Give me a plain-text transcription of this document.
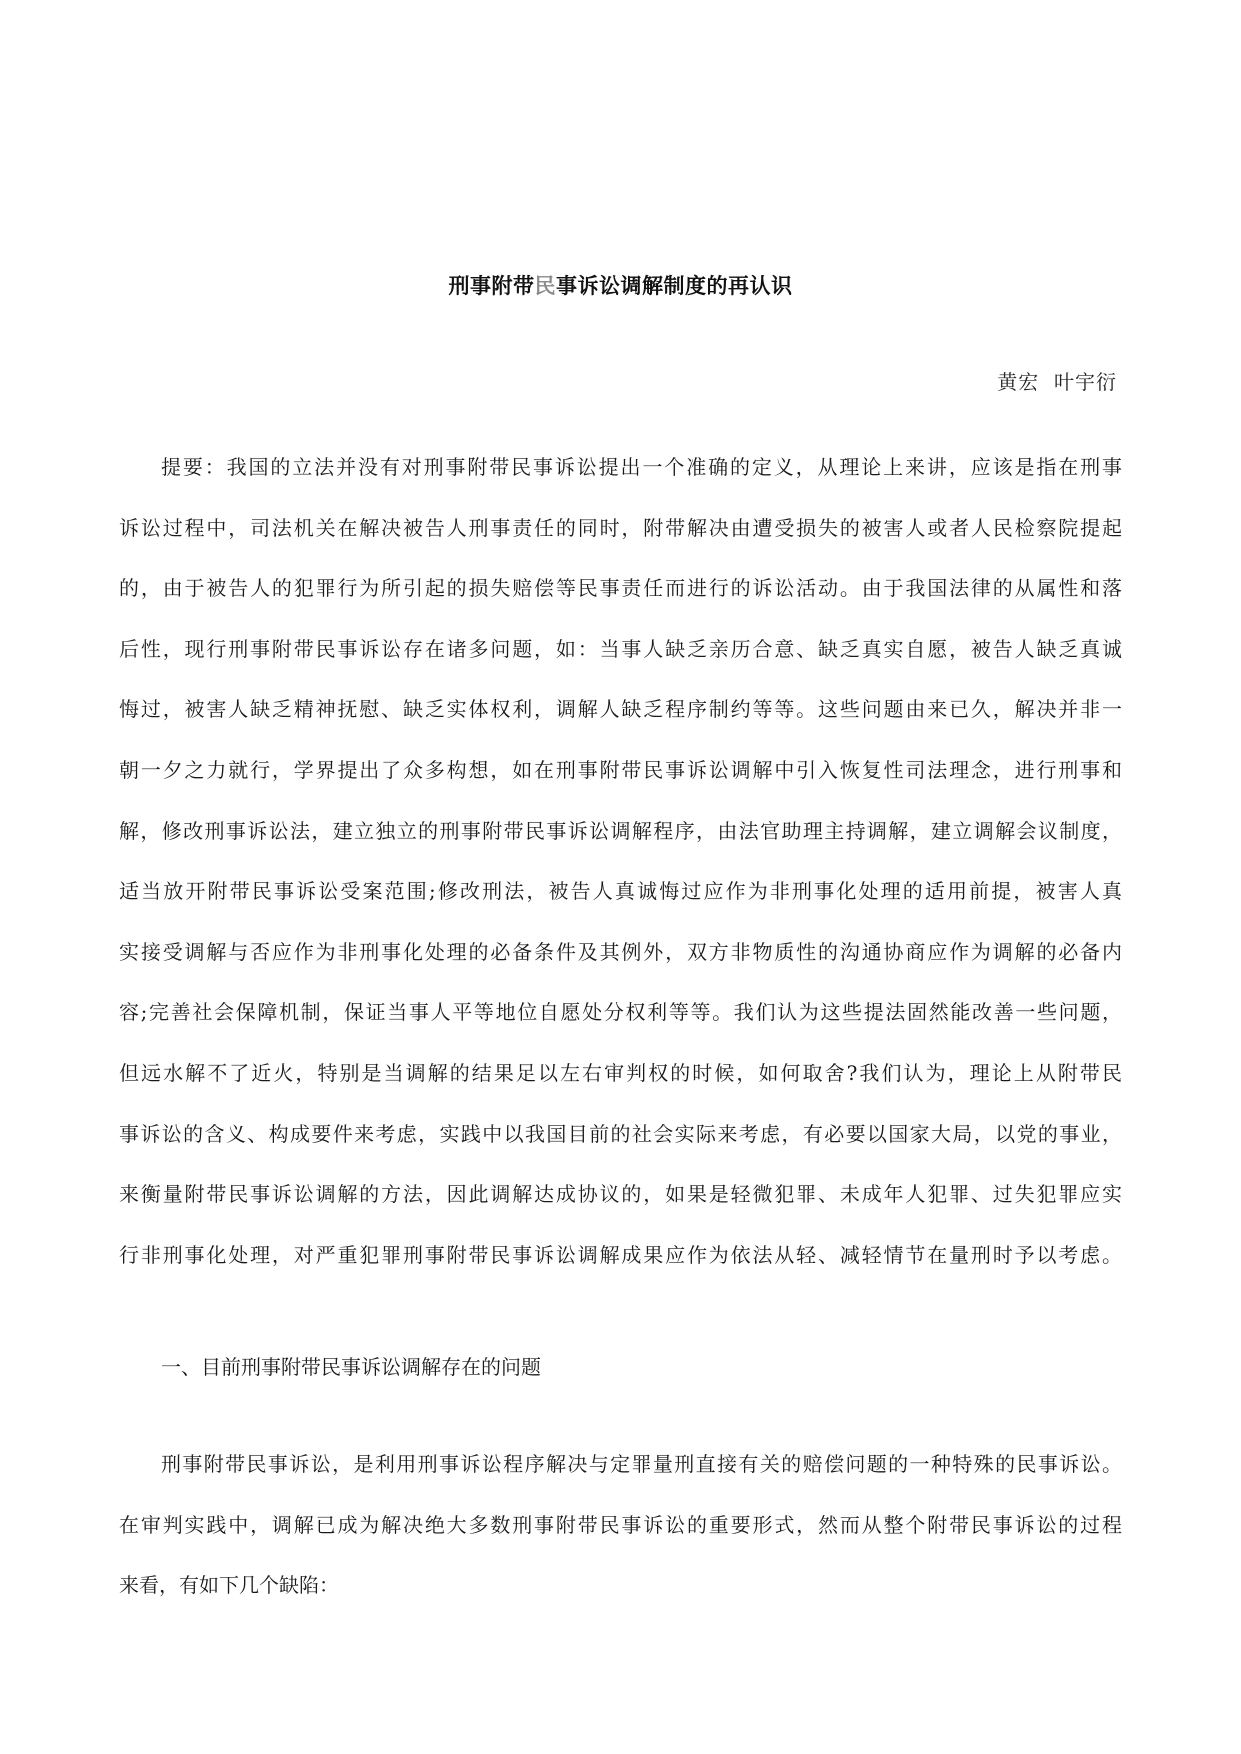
刑事附带民事诉讼调解制度的再认识
黄宏  叶宇衍
提要：我国的立法并没有对刑事附带民事诉讼提出一个准确的定义，从理论上来讲，应该是指在刑事
诉讼过程中，司法机关在解决被告人刑事责任的同时，附带解决由遭受损失的被害人或者人民检察院提起
的，由于被告人的犯罪行为所引起的损失赔偿等民事责任而进行的诉讼活动。由于我国法律的从属性和落
后性，现行刑事附带民事诉讼存在诸多问题，如：当事人缺乏亲历合意、缺乏真实自愿，被告人缺乏真诚
悔过，被害人缺乏精神抚慰、缺乏实体权利，调解人缺乏程序制约等等。这些问题由来已久，解决并非一
朝一夕之力就行，学界提出了众多构想，如在刑事附带民事诉讼调解中引入恢复性司法理念，进行刑事和
解，修改刑事诉讼法，建立独立的刑事附带民事诉讼调解程序，由法官助理主持调解，建立调解会议制度，
适当放开附带民事诉讼受案范围;修改刑法，被告人真诚悔过应作为非刑事化处理的适用前提，被害人真
实接受调解与否应作为非刑事化处理的必备条件及其例外，双方非物质性的沟通协商应作为调解的必备内
容;完善社会保障机制，保证当事人平等地位自愿处分权利等等。我们认为这些提法固然能改善一些问题，
但远水解不了近火，特别是当调解的结果足以左右审判权的时候，如何取舍?我们认为，理论上从附带民
事诉讼的含义、构成要件来考虑，实践中以我国目前的社会实际来考虑，有必要以国家大局，以党的事业，
来衡量附带民事诉讼调解的方法，因此调解达成协议的，如果是轻微犯罪、未成年人犯罪、过失犯罪应实
行非刑事化处理，对严重犯罪刑事附带民事诉讼调解成果应作为依法从轻、减轻情节在量刑时予以考虑。
一、目前刑事附带民事诉讼调解存在的问题
刑事附带民事诉讼，是利用刑事诉讼程序解决与定罪量刑直接有关的赔偿问题的一种特殊的民事诉讼。
在审判实践中，调解已成为解决绝大多数刑事附带民事诉讼的重要形式，然而从整个附带民事诉讼的过程
来看，有如下几个缺陷：
